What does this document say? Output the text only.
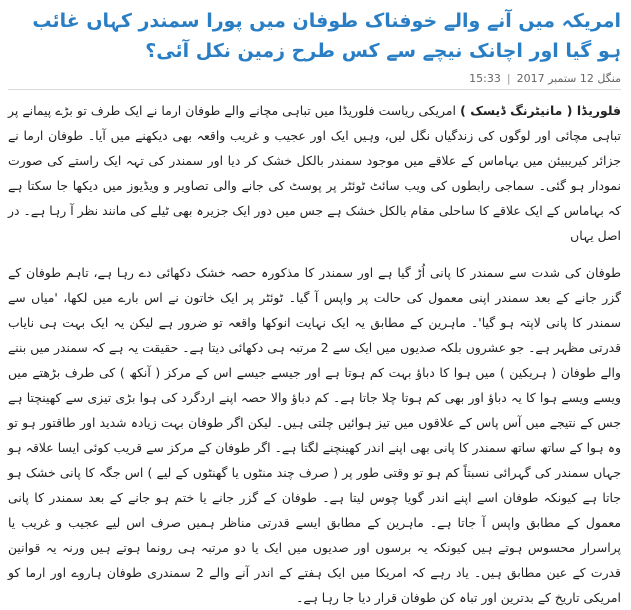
امریکہ میں آنے والے خوفناک طوفان میں پورا سمندر کہاں غائب ہو گیا اور اچانک نیچے سے کس طرح زمین نکل آئی؟
منگل 12 ستمبر 2017
|
15:33

فلوریڈا ( مانیٹرنگ ڈیسک ) امریکی ریاست فلوریڈا میں تباہی مچانے والے طوفان ارما نے ایک طرف تو بڑے پیمانے پر تباہی مچائی اور لوگوں کی زندگیاں نگل لیں، وہیں ایک اور عجیب و غریب واقعہ بھی دیکھنے میں آیا۔ طوفان ارما نے جزائر کیریبیئن میں بہاماس کے علاقے میں موجود سمندر بالکل خشک کر دیا اور سمندر کی تہہ ایک راستے کی صورت نمودار ہو گئی۔ سماجی رابطوں کی ویب سائٹ ٹوئٹر پر پوسٹ کی جانے والی تصاویر و ویڈیوز میں دیکھا جا سکتا ہے کہ بہاماس کے ایک علاقے کا ساحلی مقام بالکل خشک ہے جس میں دور ایک جزیرہ بھی ٹیلے کی مانند نظر آ رہا ہے۔ در اصل یہاں

طوفان کی شدت سے سمندر کا پانی اُڑ گیا ہے اور سمندر کا مذکورہ حصہ خشک دکھائی دے رہا ہے، تاہم طوفان کے گزر جانے کے بعد سمندر اپنی معمول کی حالت پر واپس آ گیا۔ ٹوئٹر پر ایک خاتون نے اس بارے میں لکھا، 'میاں سے سمندر کا پانی لاپتہ ہو گیا'۔ ماہرین کے مطابق یہ ایک نہایت انوکھا واقعہ تو ضرور ہے لیکن یہ ایک بہت ہی نایاب قدرتی مظہر ہے۔ جو عشروں بلکہ صدیوں میں ایک سے 2 مرتبہ ہی دکھائی دیتا ہے۔ حقیقت یہ ہے کہ سمندر میں بننے والے طوفان ( ہریکین ) میں ہوا کا دباؤ بہت کم ہوتا ہے اور جیسے جیسے اس کے مرکز ( آنکھ ) کی طرف بڑھتے میں ویسے ویسے ہوا کا یہ دباؤ اور بھی کم ہوتا چلا جاتا ہے۔ کم دباؤ والا حصہ اپنے اردگرد کی ہوا بڑی تیزی سے کھینچتا ہے جس کے نتیجے میں آس پاس کے علاقوں میں تیز ہوائیں چلتی ہیں۔ لیکن اگر طوفان بہت زیادہ شدید اور طاقتور ہو تو وہ ہوا کے ساتھ ساتھ سمندر کا پانی بھی اپنے اندر کھینچنے لگتا ہے۔ اگر طوفان کے مرکز سے قریب کوئی ایسا علاقہ ہو جہاں سمندر کی گہرائی نسبتاً کم ہو تو وقتی طور پر ( صرف چند منٹوں یا گھنٹوں کے لیے ) اس جگہ کا پانی خشک ہو جاتا ہے کیونکہ طوفان اسے اپنے اندر گویا چوس لیتا ہے۔ طوفان کے گزر جانے یا ختم ہو جانے کے بعد سمندر کا پانی معمول کے مطابق واپس آ جاتا ہے۔ ماہرین کے مطابق ایسے قدرتی مناظر ہمیں صرف اس لیے عجیب و غریب یا پراسرار محسوس ہوتے ہیں کیونکہ یہ برسوں اور صدیوں میں ایک یا دو مرتبہ ہی رونما ہوتے ہیں ورنہ یہ قوانین قدرت کے عین مطابق ہیں۔ یاد رہے کہ امریکا میں ایک ہفتے کے اندر آنے والے 2 سمندری طوفان ہاروے اور ارما کو امریکی تاریخ کے بدترین اور تباہ کن طوفان قرار دیا جا رہا ہے۔
